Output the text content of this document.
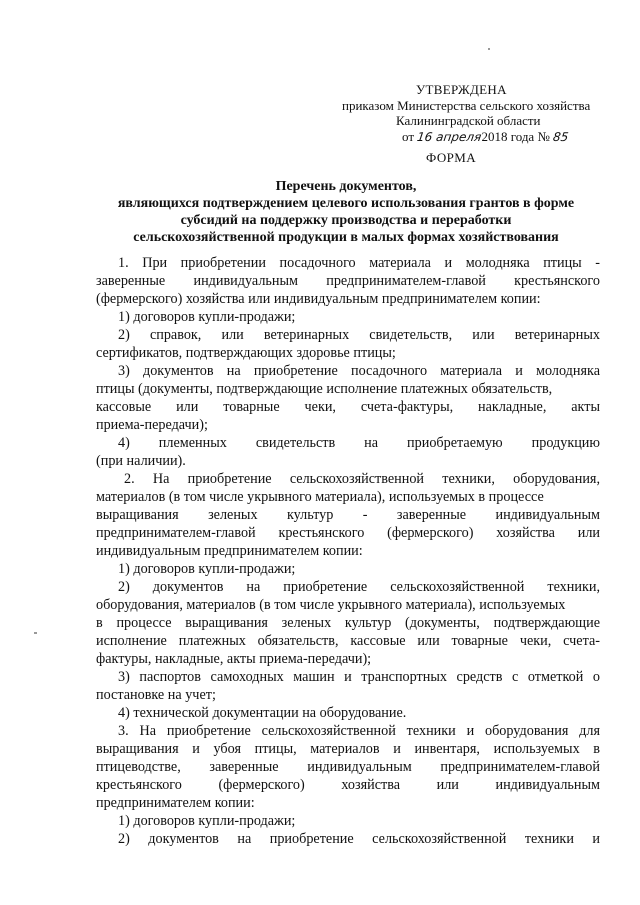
УТВЕРЖДЕНА
приказом Министерства сельского хозяйства
Калининградской области
от 16 апреля2018 года № 85
ФОРМА
Перечень документов,
являющихся подтверждением целевого использования грантов в форме
субсидий на поддержку производства и переработки
сельскохозяйственной продукции в малых формах хозяйствования
1. При приобретении посадочного материала и молодняка птицы -
заверенные индивидуальным предпринимателем-главой крестьянского
(фермерского) хозяйства или индивидуальным предпринимателем копии:
1) договоров купли-продажи;
2) справок, или ветеринарных свидетельств, или ветеринарных
сертификатов, подтверждающих здоровье птицы;
3) документов на приобретение посадочного материала и молодняка
птицы (документы, подтверждающие исполнение платежных обязательств,
кассовые или товарные чеки, счета-фактуры, накладные, акты
приема-передачи);
4) племенных свидетельств на приобретаемую продукцию
(при наличии).
2. На приобретение сельскохозяйственной техники, оборудования,
материалов (в том числе укрывного материала), используемых в процессе
выращивания зеленых культур - заверенные индивидуальным
предпринимателем-главой крестьянского (фермерского) хозяйства или
индивидуальным предпринимателем копии:
1) договоров купли-продажи;
2) документов на приобретение сельскохозяйственной техники,
оборудования, материалов (в том числе укрывного материала), используемых
в процессе выращивания зеленых культур (документы, подтверждающие
исполнение платежных обязательств, кассовые или товарные чеки, счета-
фактуры, накладные, акты приема-передачи);
3) паспортов самоходных машин и транспортных средств с отметкой о
постановке на учет;
4) технической документации на оборудование.
3. На приобретение сельскохозяйственной техники и оборудования для
выращивания и убоя птицы, материалов и инвентаря, используемых в
птицеводстве, заверенные индивидуальным предпринимателем-главой
крестьянского (фермерского) хозяйства или индивидуальным
предпринимателем копии:
1) договоров купли-продажи;
2) документов на приобретение сельскохозяйственной техники и
